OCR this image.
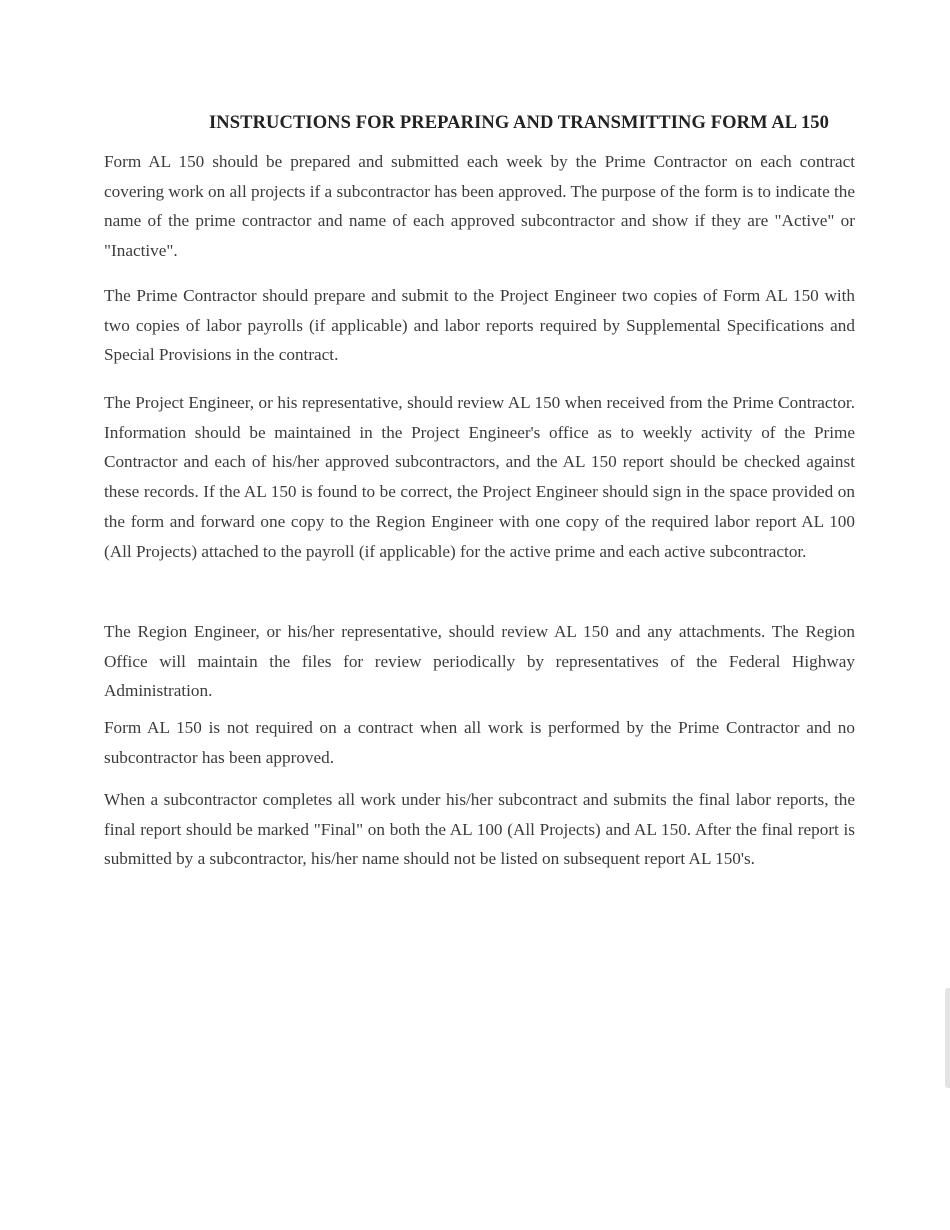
INSTRUCTIONS FOR PREPARING AND TRANSMITTING FORM AL 150

Form AL 150 should be prepared and submitted each week by the Prime Contractor on each contract covering work on all projects if a subcontractor has been approved. The purpose of the form is to indicate the name of the prime contractor and name of each approved subcontractor and show if they are "Active" or "Inactive".

The Prime Contractor should prepare and submit to the Project Engineer two copies of Form AL 150 with two copies of labor payrolls (if applicable) and labor reports required by Supplemental Specifications and Special Provisions in the contract.

The Project Engineer, or his representative, should review AL 150 when received from the Prime Contractor. Information should be maintained in the Project Engineer's office as to weekly activity of the Prime Contractor and each of his/her approved subcontractors, and the AL 150 report should be checked against these records. If the AL 150 is found to be correct, the Project Engineer should sign in the space provided on the form and forward one copy to the Region Engineer with one copy of the required labor report AL 100 (All Projects) attached to the payroll (if applicable) for the active prime and each active subcontractor.

The Region Engineer, or his/her representative, should review AL 150 and any attachments. The Region Office will maintain the files for review periodically by representatives of the Federal Highway Administration.

Form AL 150 is not required on a contract when all work is performed by the Prime Contractor and no subcontractor has been approved.

When a subcontractor completes all work under his/her subcontract and submits the final labor reports, the final report should be marked "Final" on both the AL 100 (All Projects) and AL 150. After the final report is submitted by a subcontractor, his/her name should not be listed on subsequent report AL 150's.
